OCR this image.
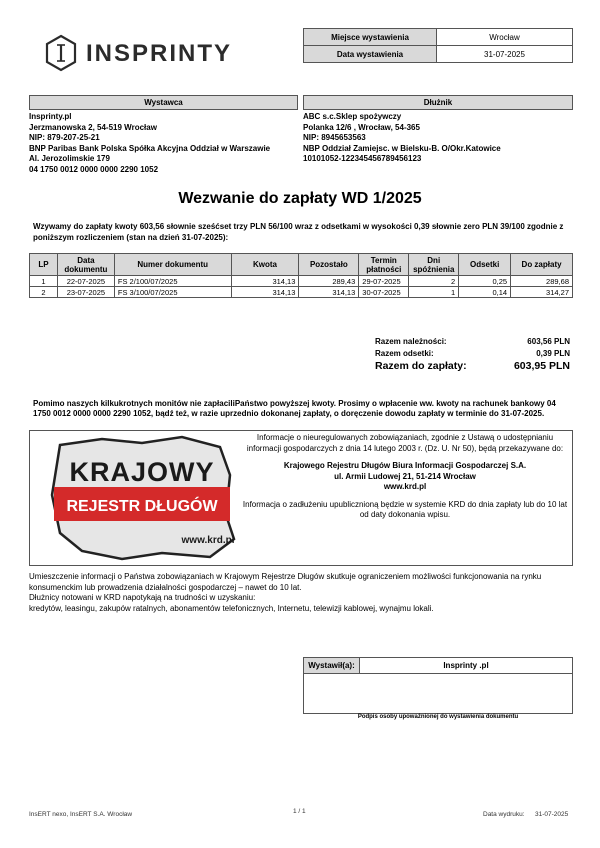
INSPRINTY
Miejsce wystawienia	Wrocław
Data wystawienia	31-07-2025
Wystawca
Insprinty.pl
Jerzmanowska 2, 54-519 Wrocław
NIP: 879-207-25-21
BNP Paribas Bank Polska Spółka Akcyjna Oddział w Warszawie
Al. Jerozolimskie 179
04 1750 0012 0000 0000 2290 1052
Dłużnik
ABC s.c.Sklep spożywczy
Polanka 12/6 , Wrocław, 54-365
NIP: 8945653563
NBP Oddział Zamiejsc. w Bielsku-B. O/Okr.Katowice
10101052-122345456789456123
Wezwanie do zapłaty WD 1/2025
Wzywamy do zapłaty kwoty 603,56 słownie sześćset trzy PLN 56/100 wraz z odsetkami w wysokości 0,39 słownie zero PLN 39/100 zgodnie z poniższym rozliczeniem (stan na dzień 31-07-2025):
LP	Data dokumentu	Numer dokumentu	Kwota	Pozostało	Termin płatności	Dni spóźnienia	Odsetki	Do zapłaty
1	22-07-2025	FS 2/100/07/2025	314,13	289,43	29-07-2025	2	0,25	289,68
2	23-07-2025	FS 3/100/07/2025	314,13	314,13	30-07-2025	1	0,14	314,27
Razem należności:	603,56 PLN
Razem odsetki:	0,39 PLN
Razem do zapłaty:	603,95 PLN
Pomimo naszych kilkukrotnych monitów nie zapłaciliPaństwo powyższej kwoty. Prosimy o wpłacenie ww. kwoty na rachunek bankowy 04 1750 0012 0000 0000 2290 1052, bądź też, w razie uprzednio dokonanej zapłaty, o doręczenie dowodu zapłaty w terminie do 31-07-2025.
KRAJOWY
REJESTR DŁUGÓW
www.krd.pl
Informacje o nieuregulowanych zobowiązaniach, zgodnie z Ustawą o udostępnianiu informacji gospodarczych z dnia 14 lutego 2003 r. (Dz. U. Nr 50), będą przekazywane do:
Krajowego Rejestru Długów Biura Informacji Gospodarczej S.A.
ul. Armii Ludowej 21, 51-214 Wrocław
www.krd.pl
Informacja o zadłużeniu upublicznioną będzie w systemie KRD do dnia zapłaty lub do 10 lat od daty dokonania wpisu.
Umieszczenie informacji o Państwa zobowiązaniach w Krajowym Rejestrze Długów skutkuje ograniczeniem możliwości funkcjonowania na rynku konsumenckim lub prowadzenia działalności gospodarczej – nawet do 10 lat.
Dłużnicy notowani w KRD napotykają na trudności w uzyskaniu:
kredytów, leasingu, zakupów ratalnych, abonamentów telefonicznych, Internetu, telewizji kablowej, wynajmu lokali.
Wystawił(a):	Insprinty .pl
Podpis osoby upoważnionej do wystawienia dokumentu
InsERT nexo, InsERT S.A. Wrocław	1 / 1	Data wydruku: 31-07-2025
